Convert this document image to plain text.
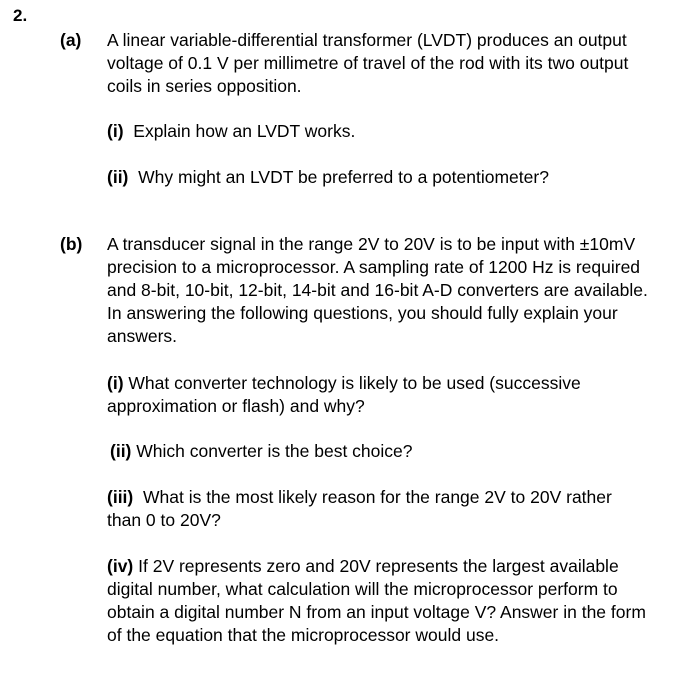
2.
(a) A linear variable-differential transformer (LVDT) produces an output voltage of 0.1 V per millimetre of travel of the rod with its two output coils in series opposition.

(i) Explain how an LVDT works.

(ii) Why might an LVDT be preferred to a potentiometer?

(b) A transducer signal in the range 2V to 20V is to be input with ±10mV precision to a microprocessor. A sampling rate of 1200 Hz is required and 8-bit, 10-bit, 12-bit, 14-bit and 16-bit A-D converters are available. In answering the following questions, you should fully explain your answers.

(i) What converter technology is likely to be used (successive approximation or flash) and why?

(ii) Which converter is the best choice?

(iii) What is the most likely reason for the range 2V to 20V rather than 0 to 20V?

(iv) If 2V represents zero and 20V represents the largest available digital number, what calculation will the microprocessor perform to obtain a digital number N from an input voltage V? Answer in the form of the equation that the microprocessor would use.
